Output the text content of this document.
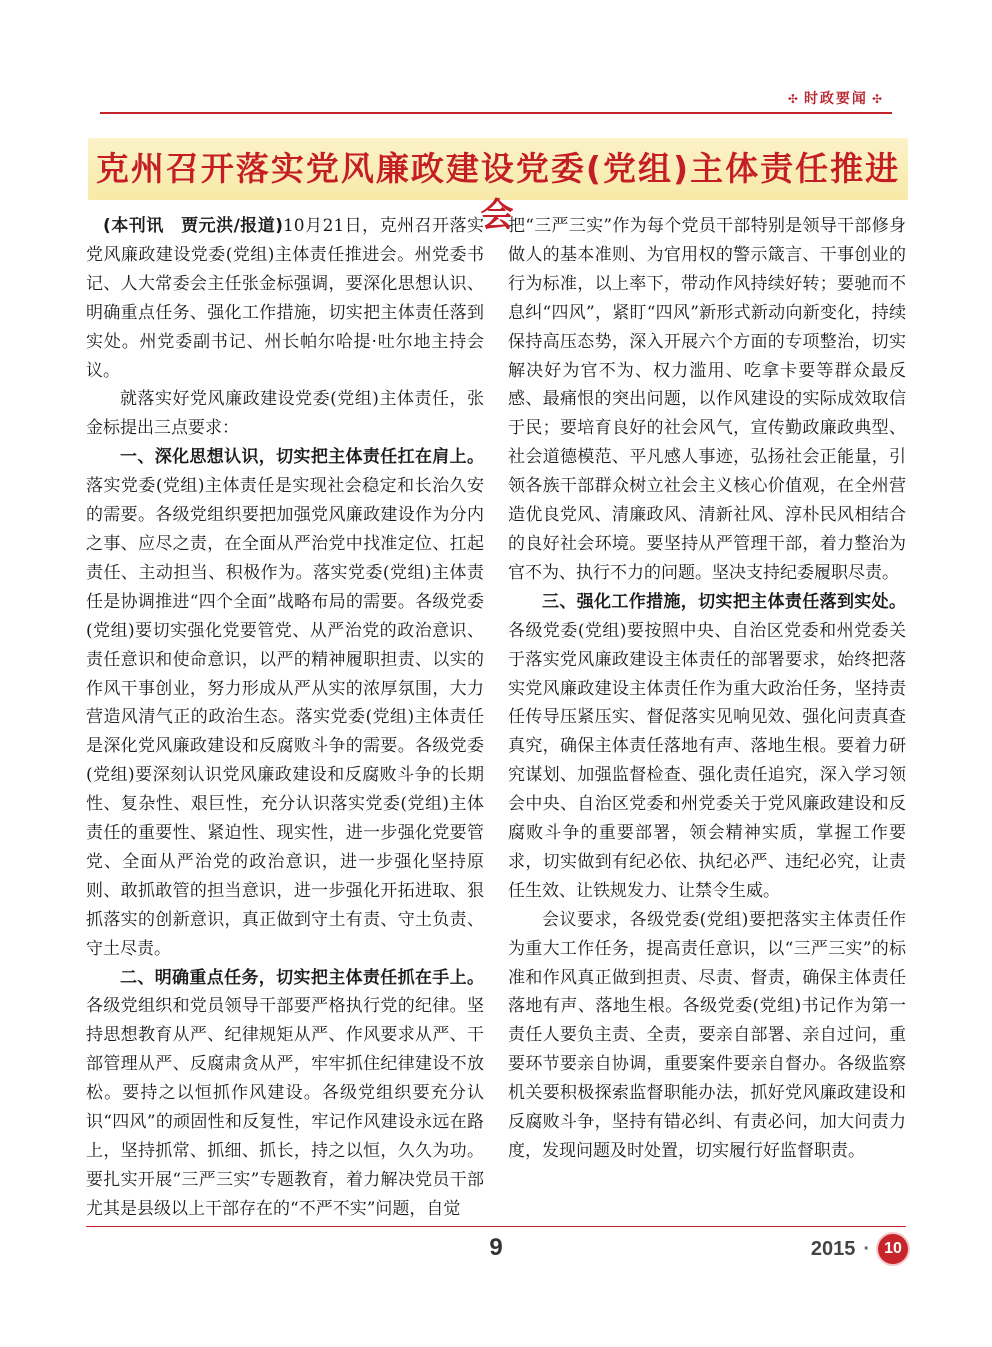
✣ 时政要闻 ✣
克州召开落实党风廉政建设党委(党组)主体责任推进会

(本刊讯　贾元洪/报道)10月21日，克州召开落实党风廉政建设党委(党组)主体责任推进会。州党委书记、人大常委会主任张金标强调，要深化思想认识、明确重点任务、强化工作措施，切实把主体责任落到实处。州党委副书记、州长帕尔哈提·吐尔地主持会议。

就落实好党风廉政建设党委(党组)主体责任，张金标提出三点要求：

一、深化思想认识，切实把主体责任扛在肩上。落实党委(党组)主体责任是实现社会稳定和长治久安的需要。各级党组织要把加强党风廉政建设作为分内之事、应尽之责，在全面从严治党中找准定位、扛起责任、主动担当、积极作为。落实党委(党组)主体责任是协调推进“四个全面”战略布局的需要。各级党委(党组)要切实强化党要管党、从严治党的政治意识、责任意识和使命意识，以严的精神履职担责、以实的作风干事创业，努力形成从严从实的浓厚氛围，大力营造风清气正的政治生态。落实党委(党组)主体责任是深化党风廉政建设和反腐败斗争的需要。各级党委(党组)要深刻认识党风廉政建设和反腐败斗争的长期性、复杂性、艰巨性，充分认识落实党委(党组)主体责任的重要性、紧迫性、现实性，进一步强化党要管党、全面从严治党的政治意识，进一步强化坚持原则、敢抓敢管的担当意识，进一步强化开拓进取、狠抓落实的创新意识，真正做到守土有责、守土负责、守土尽责。

二、明确重点任务，切实把主体责任抓在手上。各级党组织和党员领导干部要严格执行党的纪律。坚持思想教育从严、纪律规矩从严、作风要求从严、干部管理从严、反腐肃贪从严，牢牢抓住纪律建设不放松。要持之以恒抓作风建设。各级党组织要充分认识“四风”的顽固性和反复性，牢记作风建设永远在路上，坚持抓常、抓细、抓长，持之以恒，久久为功。要扎实开展“三严三实”专题教育，着力解决党员干部尤其是县级以上干部存在的“不严不实”问题，自觉

把“三严三实”作为每个党员干部特别是领导干部修身做人的基本准则、为官用权的警示箴言、干事创业的行为标准，以上率下，带动作风持续好转；要驰而不息纠“四风”，紧盯“四风”新形式新动向新变化，持续保持高压态势，深入开展六个方面的专项整治，切实解决好为官不为、权力滥用、吃拿卡要等群众最反感、最痛恨的突出问题，以作风建设的实际成效取信于民；要培育良好的社会风气，宣传勤政廉政典型、社会道德模范、平凡感人事迹，弘扬社会正能量，引领各族干部群众树立社会主义核心价值观，在全州营造优良党风、清廉政风、清新社风、淳朴民风相结合的良好社会环境。要坚持从严管理干部，着力整治为官不为、执行不力的问题。坚决支持纪委履职尽责。

三、强化工作措施，切实把主体责任落到实处。各级党委(党组)要按照中央、自治区党委和州党委关于落实党风廉政建设主体责任的部署要求，始终把落实党风廉政建设主体责任作为重大政治任务，坚持责任传导压紧压实、督促落实见响见效、强化问责真查真究，确保主体责任落地有声、落地生根。要着力研究谋划、加强监督检查、强化责任追究，深入学习领会中央、自治区党委和州党委关于党风廉政建设和反腐败斗争的重要部署，领会精神实质，掌握工作要求，切实做到有纪必依、执纪必严、违纪必究，让责任生效、让铁规发力、让禁令生威。

会议要求，各级党委(党组)要把落实主体责任作为重大工作任务，提高责任意识，以“三严三实”的标准和作风真正做到担责、尽责、督责，确保主体责任落地有声、落地生根。各级党委(党组)书记作为第一责任人要负主责、全责，要亲自部署、亲自过问，重要环节要亲自协调，重要案件要亲自督办。各级监察机关要积极探索监督职能办法，抓好党风廉政建设和反腐败斗争，坚持有错必纠、有责必问，加大问责力度，发现问题及时处置，切实履行好监督职责。

9	2015 · 10
